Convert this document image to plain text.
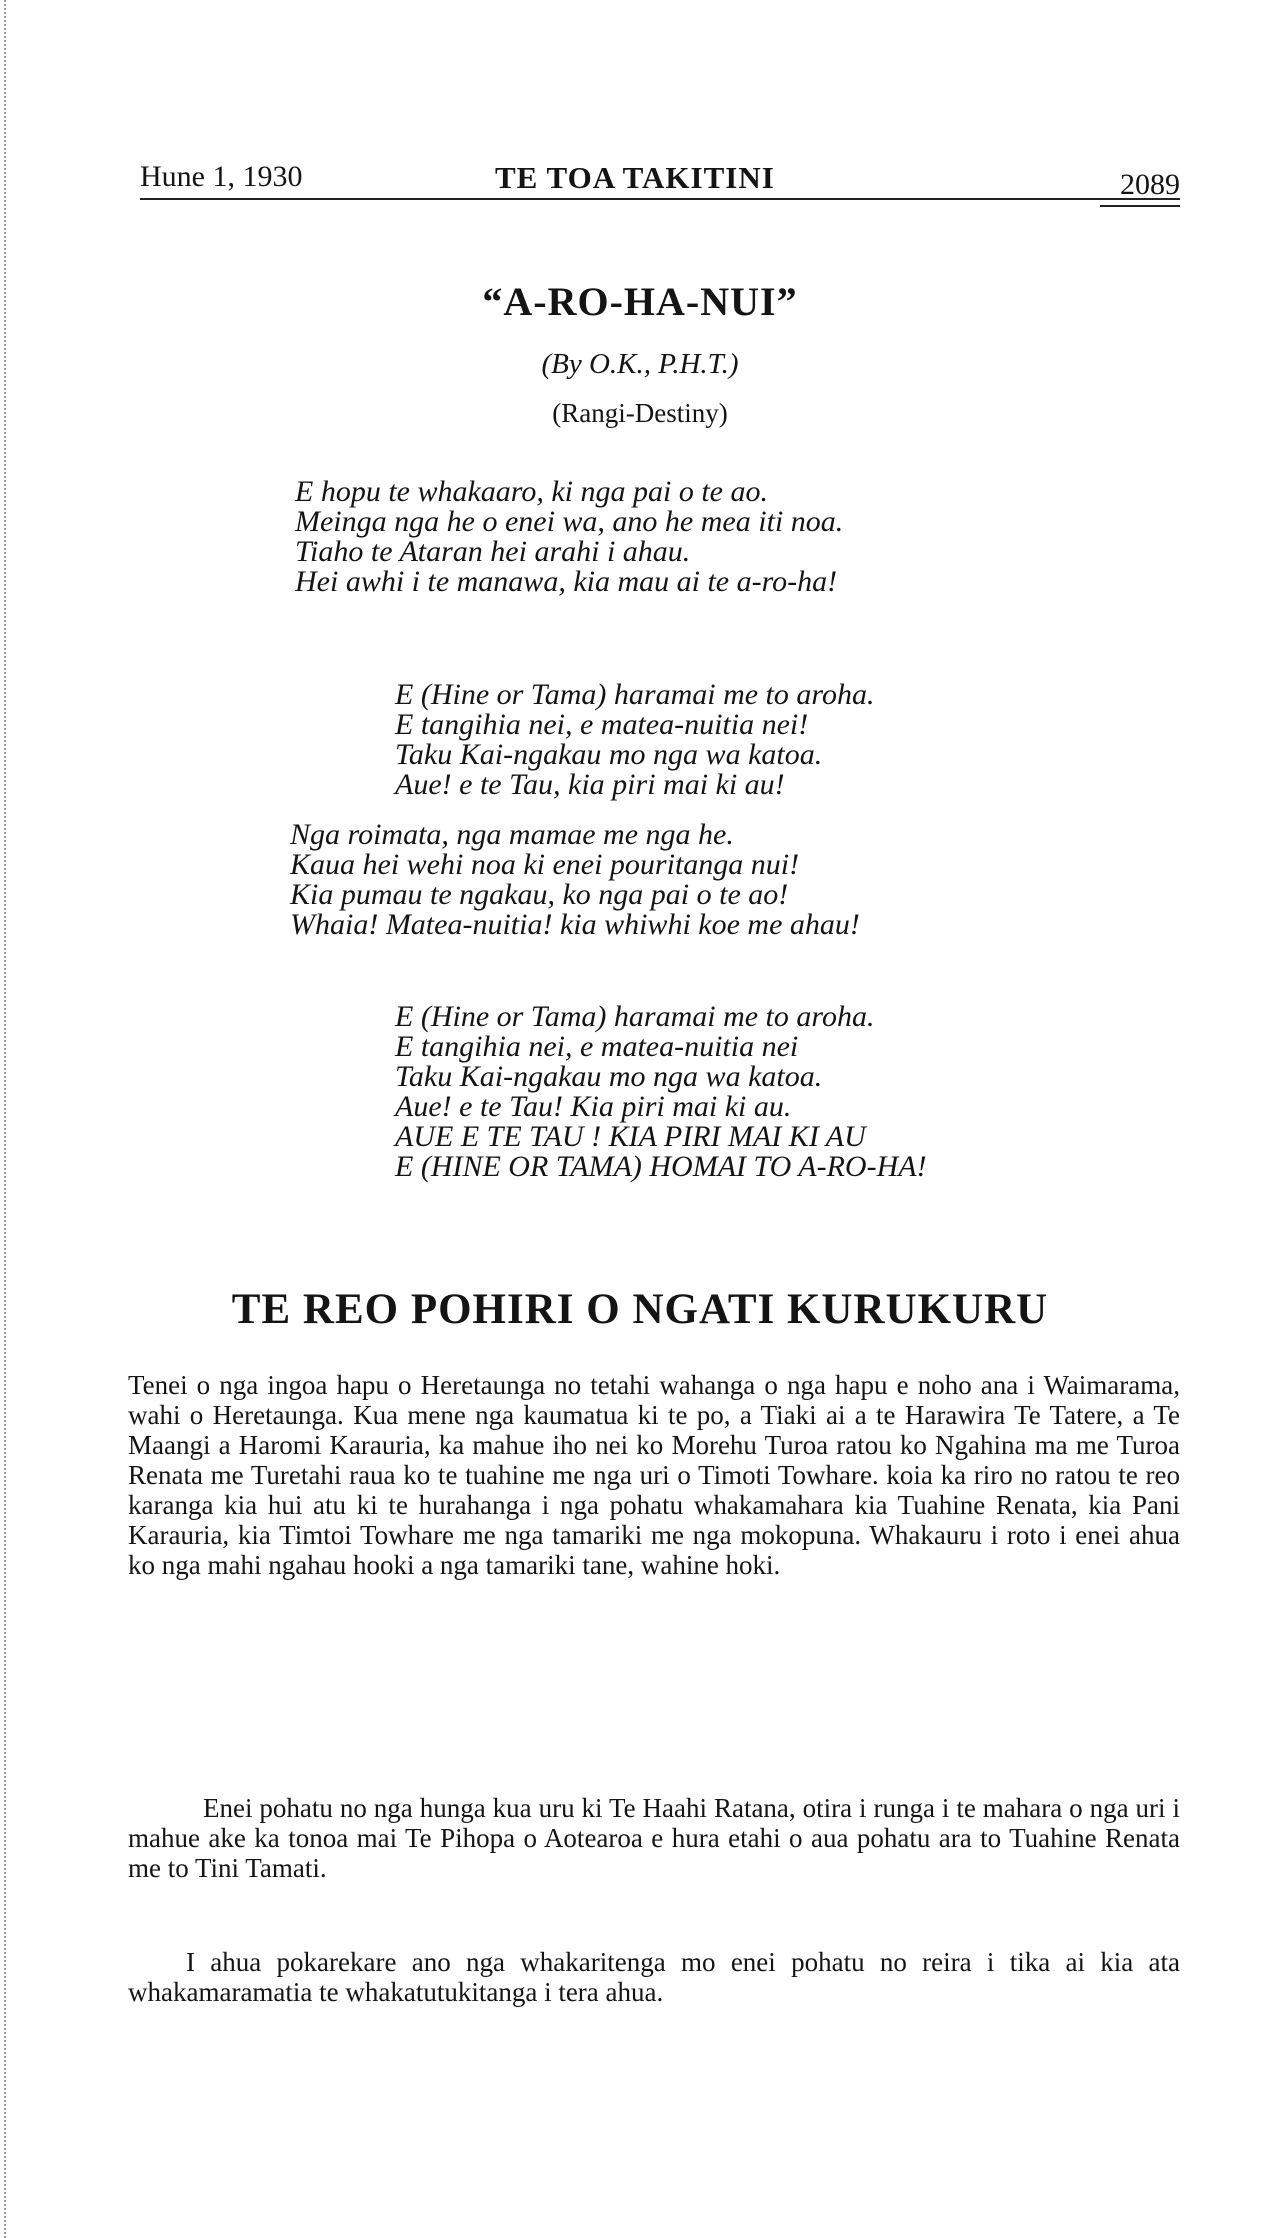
Hune 1, 1930	TE TOA TAKITINI	2089
“A-RO-HA-NUI”
(By O.K., P.H.T.)
(Rangi-Destiny)
E hopu te whakaaro, ki nga pai o te ao.
Meinga nga he o enei wa, ano he mea iti noa.
Tiaho te Ataran hei arahi i ahau.
Hei awhi i te manawa, kia mau ai te a-ro-ha!
E (Hine or Tama) haramai me to aroha.
E tangihia nei, e matea-nuitia nei!
Taku Kai-ngakau mo nga wa katoa.
Aue! e te Tau, kia piri mai ki au!
Nga roimata, nga mamae me nga he.
Kaua hei wehi noa ki enei pouritanga nui!
Kia pumau te ngakau, ko nga pai o te ao!
Whaia! Matea-nuitia! kia whiwhi koe me ahau!
E (Hine or Tama) haramai me to aroha.
E tangihia nei, e matea-nuitia nei
Taku Kai-ngakau mo nga wa katoa.
Aue! e te Tau! Kia piri mai ki au.
AUE E TE TAU ! KIA PIRI MAI KI AU
E (HINE OR TAMA) HOMAI TO A-RO-HA!
TE REO POHIRI O NGATI KURUKURU

Tenei o nga ingoa hapu o Heretaunga no tetahi wahanga o nga hapu e noho ana i Waimarama, wahi o Heretaunga. Kua mene nga kaumatua ki te po, a Tiaki ai a te Harawira Te Tatere, a Te Maangi a Haromi Karauria, ka mahue iho nei ko Morehu Turoa ratou ko Ngahina ma me Turoa Renata me Turetahi raua ko te tuahine me nga uri o Timoti Towhare. koia ka riro no ratou te reo karanga kia hui atu ki te hurahanga i nga pohatu whakamahara kia Tuahine Renata, kia Pani Karauria, kia Timtoi Towhare me nga tamariki me nga mokopuna. Whakauru i roto i enei ahua ko nga mahi ngahau hooki a nga tamariki tane, wahine hoki.

Enei pohatu no nga hunga kua uru ki Te Haahi Ratana, otira i runga i te mahara o nga uri i mahue ake ka tonoa mai Te Pihopa o Aotearoa e hura etahi o aua pohatu ara to Tuahine Renata me to Tini Tamati.

I ahua pokarekare ano nga whakaritenga mo enei pohatu no reira i tika ai kia ata whakamaramatia te whakatutukitanga i tera ahua.
